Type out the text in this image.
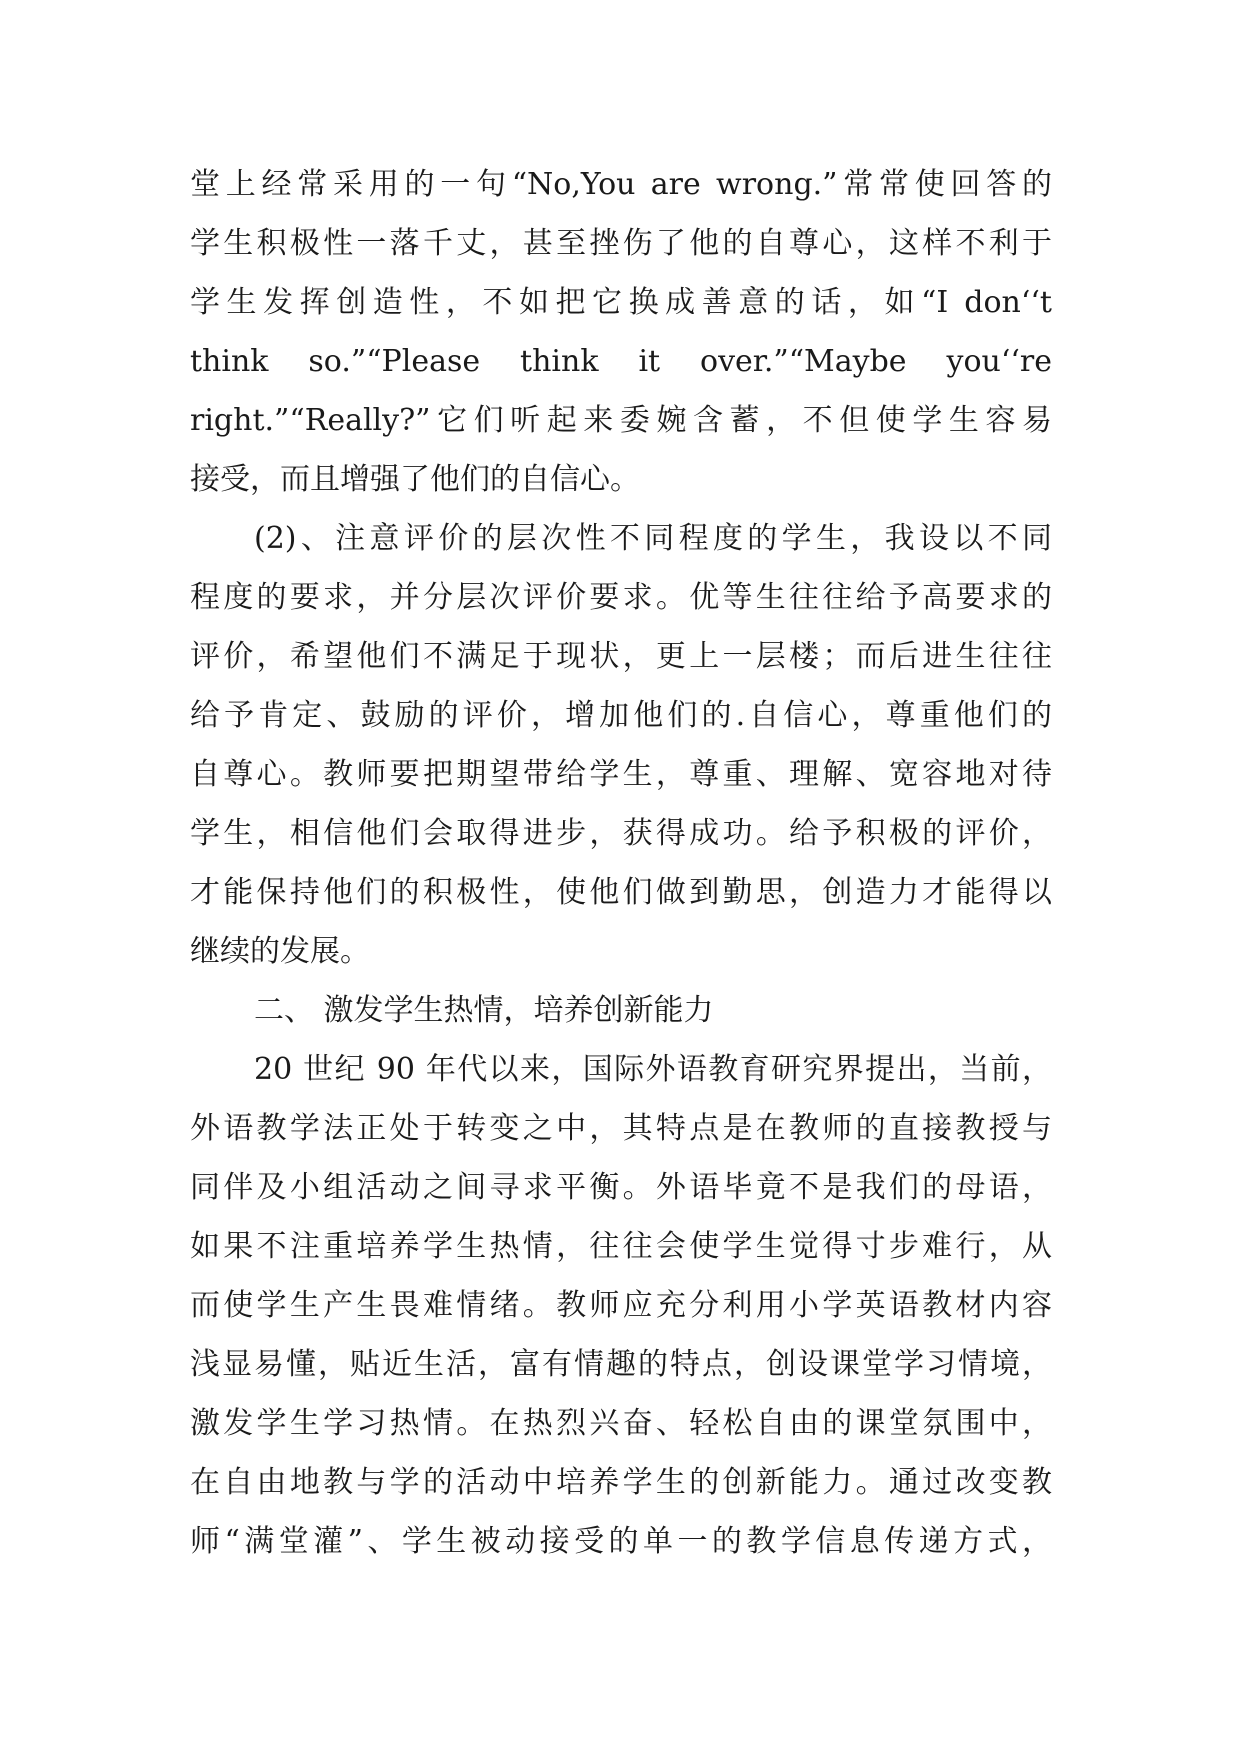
堂上经常采用的一句“No,You are wrong.”常常使回答的
学生积极性一落千丈，甚至挫伤了他的自尊心，这样不利于
学生发挥创造性，不如把它换成善意的话，如“I don‘‘t
think so.”“Please think it over.”“Maybe you‘‘re
right.”“Really?”它们听起来委婉含蓄，不但使学生容易
接受，而且增强了他们的自信心。
(2)、注意评价的层次性不同程度的学生，我设以不同
程度的要求，并分层次评价要求。优等生往往给予高要求的
评价，希望他们不满足于现状，更上一层楼；而后进生往往
给予肯定、鼓励的评价，增加他们的.自信心，尊重他们的
自尊心。教师要把期望带给学生，尊重、理解、宽容地对待
学生，相信他们会取得进步，获得成功。给予积极的评价，
才能保持他们的积极性，使他们做到勤思，创造力才能得以
继续的发展。
二、 激发学生热情，培养创新能力
20 世纪 90 年代以来，国际外语教育研究界提出，当前，
外语教学法正处于转变之中，其特点是在教师的直接教授与
同伴及小组活动之间寻求平衡。外语毕竟不是我们的母语，
如果不注重培养学生热情，往往会使学生觉得寸步难行，从
而使学生产生畏难情绪。教师应充分利用小学英语教材内容
浅显易懂，贴近生活，富有情趣的特点，创设课堂学习情境，
激发学生学习热情。在热烈兴奋、轻松自由的课堂氛围中，
在自由地教与学的活动中培养学生的创新能力。通过改变教
师“满堂灌”、学生被动接受的单一的教学信息传递方式，
